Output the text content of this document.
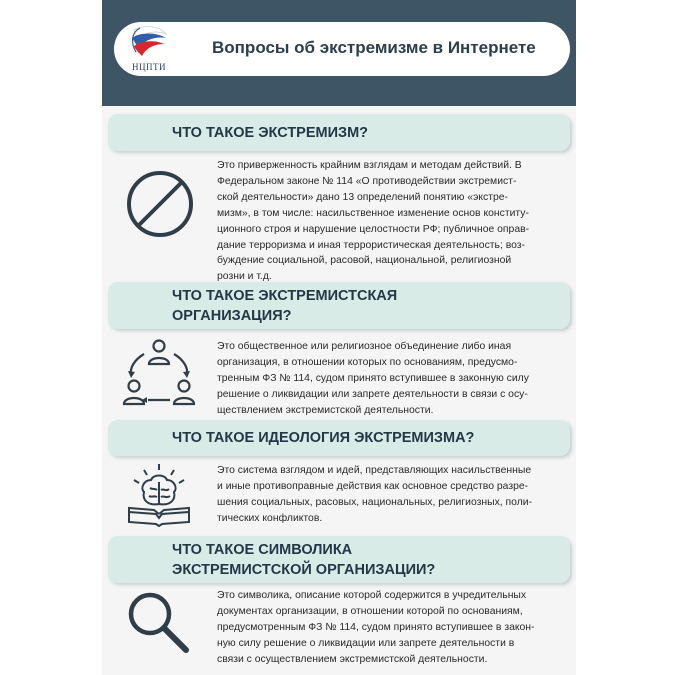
НЦПТИ
Вопросы об экстремизме в Интернете
ЧТО ТАКОЕ ЭКСТРЕМИЗМ?
Это приверженность крайним взглядам и методам действий. В
Федеральном законе № 114 «О противодействии экстремист-
ской деятельности» дано 13 определений понятию «экстре-
мизм», в том числе: насильственное изменение основ конститу-
ционного строя и нарушение целостности РФ; публичное оправ-
дание терроризма и иная террористическая деятельность; воз-
буждение социальной, расовой, национальной, религиозной
розни и т.д.
ЧТО ТАКОЕ ЭКСТРЕМИСТСКАЯ
ОРГАНИЗАЦИЯ?
Это общественное или религиозное объединение либо иная
организация, в отношении которых по основаниям, предусмо-
тренным ФЗ № 114, судом принято вступившее в законную силу
решение о ликвидации или запрете деятельности в связи с осу-
ществлением экстремистской деятельности.
ЧТО ТАКОЕ ИДЕОЛОГИЯ ЭКСТРЕМИЗМА?
Это система взглядом и идей, представляющих насильственные
и иные противоправные действия как основное средство разре-
шения социальных, расовых, национальных, религиозных, поли-
тических конфликтов.
ЧТО ТАКОЕ СИМВОЛИКА
ЭКСТРЕМИСТСКОЙ ОРГАНИЗАЦИИ?
Это символика, описание которой содержится в учредительных
документах организации, в отношении которой по основаниям,
предусмотренным ФЗ № 114, судом принято вступившее в закон-
ную силу решение о ликвидации или запрете деятельности в
связи с осуществлением экстремистской деятельности.
